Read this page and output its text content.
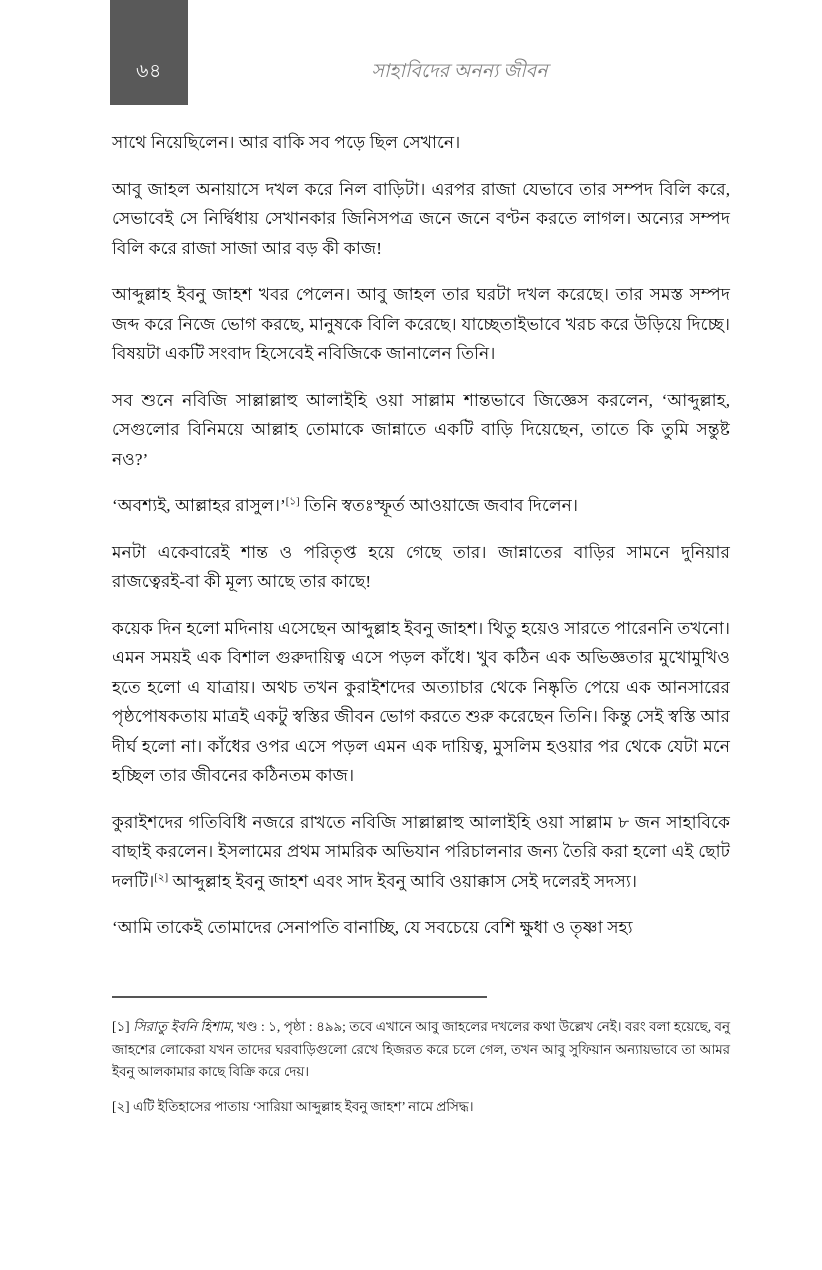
৬৪	সাহাবিদের অনন্য জীবন

সাথে নিয়েছিলেন। আর বাকি সব পড়ে ছিল সেখানে।

আবু জাহল অনায়াসে দখল করে নিল বাড়িটা। এরপর রাজা যেভাবে তার সম্পদ বিলি করে, সেভাবেই সে নির্দ্বিধায় সেখানকার জিনিসপত্র জনে জনে বণ্টন করতে লাগল। অন্যের সম্পদ বিলি করে রাজা সাজা আর বড় কী কাজ!

আব্দুল্লাহ ইবনু জাহশ খবর পেলেন। আবু জাহল তার ঘরটা দখল করেছে। তার সমস্ত সম্পদ জব্দ করে নিজে ভোগ করছে, মানুষকে বিলি করেছে। যাচ্ছেতাইভাবে খরচ করে উড়িয়ে দিচ্ছে। বিষয়টা একটি সংবাদ হিসেবেই নবিজিকে জানালেন তিনি।

সব শুনে নবিজি সাল্লাল্লাহু আলাইহি ওয়া সাল্লাম শান্তভাবে জিজ্ঞেস করলেন, ‘আব্দুল্লাহ, সেগুলোর বিনিময়ে আল্লাহ তোমাকে জান্নাতে একটি বাড়ি দিয়েছেন, তাতে কি তুমি সন্তুষ্ট নও?’

‘অবশ্যই, আল্লাহর রাসুল।’[১] তিনি স্বতঃস্ফূর্ত আওয়াজে জবাব দিলেন।

মনটা একেবারেই শান্ত ও পরিতৃপ্ত হয়ে গেছে তার। জান্নাতের বাড়ির সামনে দুনিয়ার রাজত্বেরই-বা কী মূল্য আছে তার কাছে!

কয়েক দিন হলো মদিনায় এসেছেন আব্দুল্লাহ ইবনু জাহশ। থিতু হয়েও সারতে পারেননি তখনো। এমন সময়ই এক বিশাল গুরুদায়িত্ব এসে পড়ল কাঁধে। খুব কঠিন এক অভিজ্ঞতার মুখোমুখিও হতে হলো এ যাত্রায়। অথচ তখন কুরাইশদের অত্যাচার থেকে নিষ্কৃতি পেয়ে এক আনসারের পৃষ্ঠপোষকতায় মাত্রই একটু স্বস্তির জীবন ভোগ করতে শুরু করেছেন তিনি। কিন্তু সেই স্বস্তি আর দীর্ঘ হলো না। কাঁধের ওপর এসে পড়ল এমন এক দায়িত্ব, মুসলিম হওয়ার পর থেকে যেটা মনে হচ্ছিল তার জীবনের কঠিনতম কাজ।

কুরাইশদের গতিবিধি নজরে রাখতে নবিজি সাল্লাল্লাহু আলাইহি ওয়া সাল্লাম ৮ জন সাহাবিকে বাছাই করলেন। ইসলামের প্রথম সামরিক অভিযান পরিচালনার জন্য তৈরি করা হলো এই ছোট দলটি।[২] আব্দুল্লাহ ইবনু জাহশ এবং সাদ ইবনু আবি ওয়াক্কাস সেই দলেরই সদস্য।

‘আমি তাকেই তোমাদের সেনাপতি বানাচ্ছি, যে সবচেয়ে বেশি ক্ষুধা ও তৃষ্ণা সহ্য

[১] সিরাতু ইবনি হিশাম, খণ্ড : ১, পৃষ্ঠা : ৪৯৯; তবে এখানে আবু জাহলের দখলের কথা উল্লেখ নেই। বরং বলা হয়েছে, বনু জাহশের লোকেরা যখন তাদের ঘরবাড়িগুলো রেখে হিজরত করে চলে গেল, তখন আবু সুফিয়ান অন্যায়ভাবে তা আমর ইবনু আলকামার কাছে বিক্রি করে দেয়।

[২] এটি ইতিহাসের পাতায় ‘সারিয়া আব্দুল্লাহ ইবনু জাহশ’ নামে প্রসিদ্ধ।
